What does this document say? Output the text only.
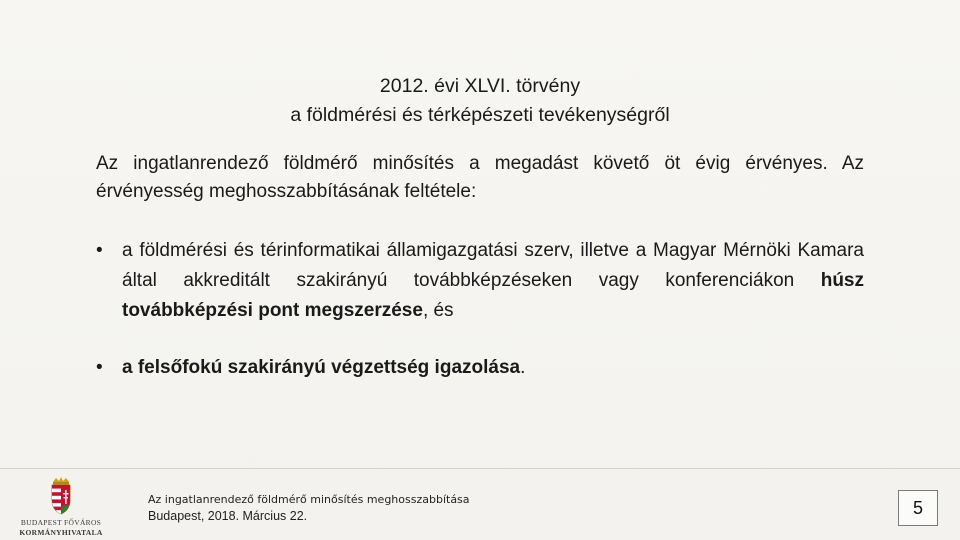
2012. évi XLVI. törvény
a földmérési és térképészeti tevékenységről
Az ingatlanrendező földmérő minősítés a megadást követő öt évig érvényes. Az érvényesség meghosszabbításának feltétele:
•	a földmérési és térinformatikai államigazgatási szerv, illetve a Magyar Mérnöki Kamara által akkreditált szakirányú továbbképzéseken vagy konferenciákon húsz továbbképzési pont megszerzése, és
•	a felsőfokú szakirányú végzettség igazolása.
BUDAPEST FŐVÁROS
KORMÁNYHIVATALA
Az ingatlanrendező földmérő minősítés meghosszabbítása
Budapest, 2018. Március 22.	5
